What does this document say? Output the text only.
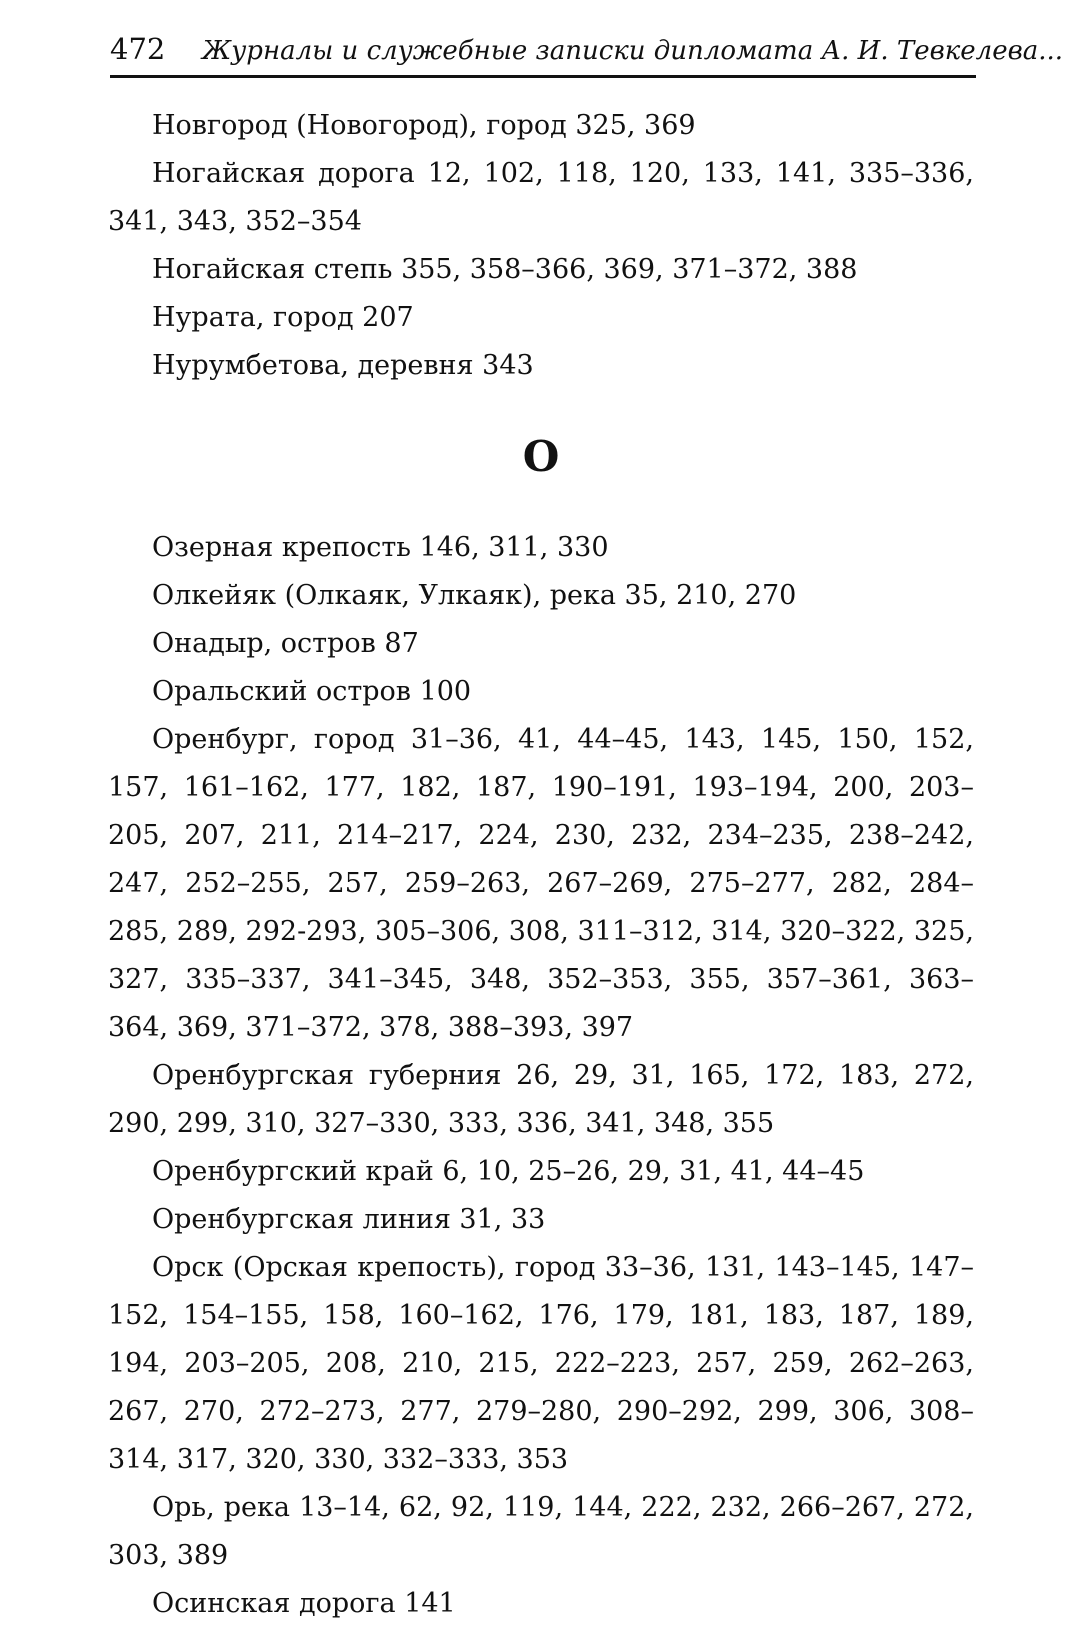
472 Журналы и служебные записки дипломата А. И. Тевкелева...

Новгород (Новогород), город 325, 369

Ногайская дорога 12, 102, 118, 120, 133, 141, 335–336, 341, 343, 352–354

Ногайская степь 355, 358–366, 369, 371–372, 388

Нурата, город 207

Нурумбетова, деревня 343

О

Озерная крепость 146, 311, 330

Олкейяк (Олкаяк, Улкаяк), река 35, 210, 270

Онадыр, остров 87

Оральский остров 100

Оренбург, город 31–36, 41, 44–45, 143, 145, 150, 152, 157, 161–162, 177, 182, 187, 190–191, 193–194, 200, 203–205, 207, 211, 214–217, 224, 230, 232, 234–235, 238–242, 247, 252–255, 257, 259–263, 267–269, 275–277, 282, 284–285, 289, 292-293, 305–306, 308, 311–312, 314, 320–322, 325, 327, 335–337, 341–345, 348, 352–353, 355, 357–361, 363–364, 369, 371–372, 378, 388–393, 397

Оренбургская губерния 26, 29, 31, 165, 172, 183, 272, 290, 299, 310, 327–330, 333, 336, 341, 348, 355

Оренбургский край 6, 10, 25–26, 29, 31, 41, 44–45

Оренбургская линия 31, 33

Орск (Орская крепость), город 33–36, 131, 143–145, 147–152, 154–155, 158, 160–162, 176, 179, 181, 183, 187, 189, 194, 203–205, 208, 210, 215, 222–223, 257, 259, 262–263, 267, 270, 272–273, 277, 279–280, 290–292, 299, 306, 308–314, 317, 320, 330, 332–333, 353

Орь, река 13–14, 62, 92, 119, 144, 222, 232, 266–267, 272, 303, 389

Осинская дорога 141
